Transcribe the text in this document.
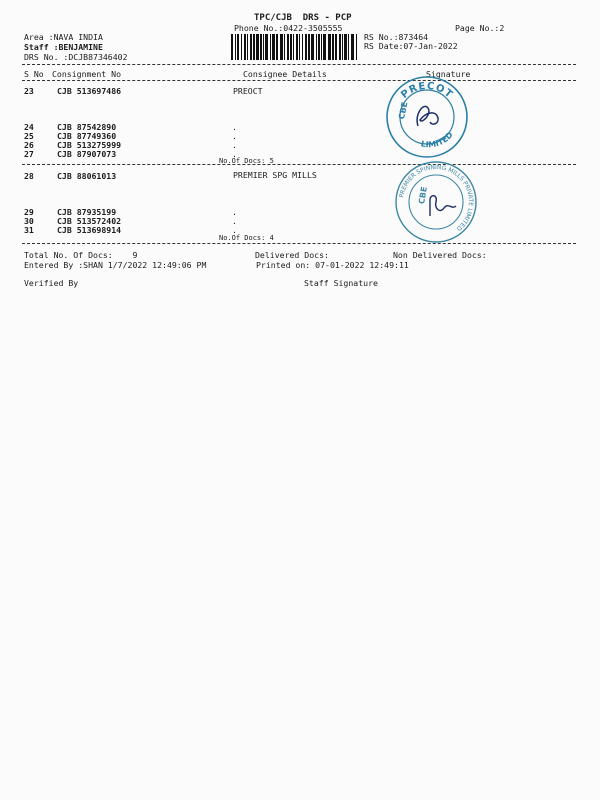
TPC/CJB  DRS - PCP
Phone No.:0422-3505555	Page No.:2
Area :NAVA INDIA
Staff :BENJAMINE
DRS No. :DCJB87346402
RS No.:873464
RS Date:07-Jan-2022
S No Consignment No	Consignee Details	Signature
23	CJB 513697486	PREOCT
24	CJB 87542890	.
25	CJB 87749360	.
26	CJB 513275999	.
27	CJB 87907073	.
No.Of Docs: 5
PRECOT
LIMITED
CBE
28	CJB 88061013	PREMIER SPG MILLS
29	CJB 87935199	.
30	CJB 513572402	.
31	CJB 513698914	.
No.Of Docs: 4
PREMIER SPINNING MILLS PRIVATE LIMITED
CBE
Total No. Of Docs:    9	Delivered Docs:	Non Delivered Docs:
Entered By :SHAN 1/7/2022 12:49:06 PM	Printed on: 07-01-2022 12:49:11
Verified By	Staff Signature
